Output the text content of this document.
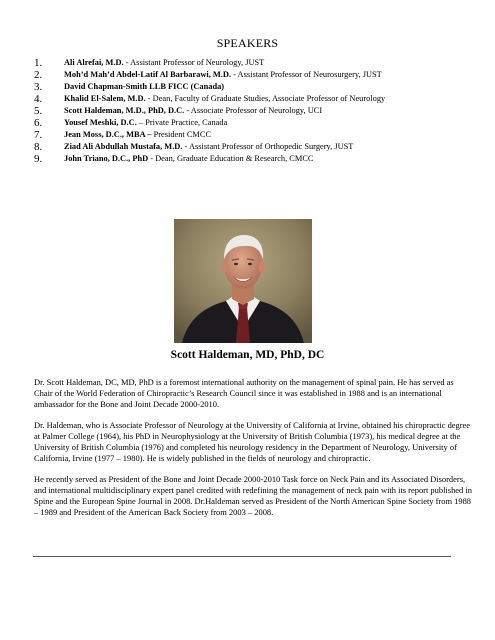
SPEAKERS
1.	Ali Alrefai, M.D. - Assistant Professor of Neurology, JUST
2.	Moh’d Mah’d Abdel-Latif Al Barbarawi, M.D. - Assistant Professor of Neurosurgery, JUST
3.	David Chapman-Smith LLB FICC (Canada)
4.	Khalid El-Salem, M.D. - Dean, Faculty of Graduate Studies, Associate Professor of Neurology
5.	Scott Haldeman, M.D., PhD, D.C. - Associate Professor of Neurology, UCI
6.	Yousef Meshki, D.C. – Private Practice, Canada
7.	Jean Moss, D.C., MBA – President CMCC
8.	Ziad Ali Abdullah Mustafa, M.D. - Assistant Professor of Orthopedic Surgery, JUST
9.	John Triano, D.C., PhD - Dean, Graduate Education & Research, CMCC
Scott Haldeman, MD, PhD, DC

Dr. Scott Haldeman, DC, MD, PhD is a foremost international authority on the management of spinal pain. He has served as Chair of the World Federation of Chiropractic’s Research Council since it was established in 1988 and is an international ambassador for the Bone and Joint Decade 2000-2010.

Dr. Haldeman, who is Associate Professor of Neurology at the University of California at Irvine, obtained his chiropractic degree at Palmer College (1964), his PhD in Neurophysiology at the University of British Columbia (1973), his medical degree at the University of British Columbia (1976) and completed his neurology residency in the Department of Neurology, University of California, Irvine (1977 – 1980). He is widely published in the fields of neurology and chiropractic.

He recently served as President of the Bone and Joint Decade 2000-2010 Task force on Neck Pain and its Associated Disorders, and international multidisciplinary expert panel credited with redefining the management of neck pain with its report published in Spine and the European Spine Journal in 2008. Dr.Haldeman served as President of the North American Spine Society from 1988 – 1989 and President of the American Back Society from 2003 – 2008.
